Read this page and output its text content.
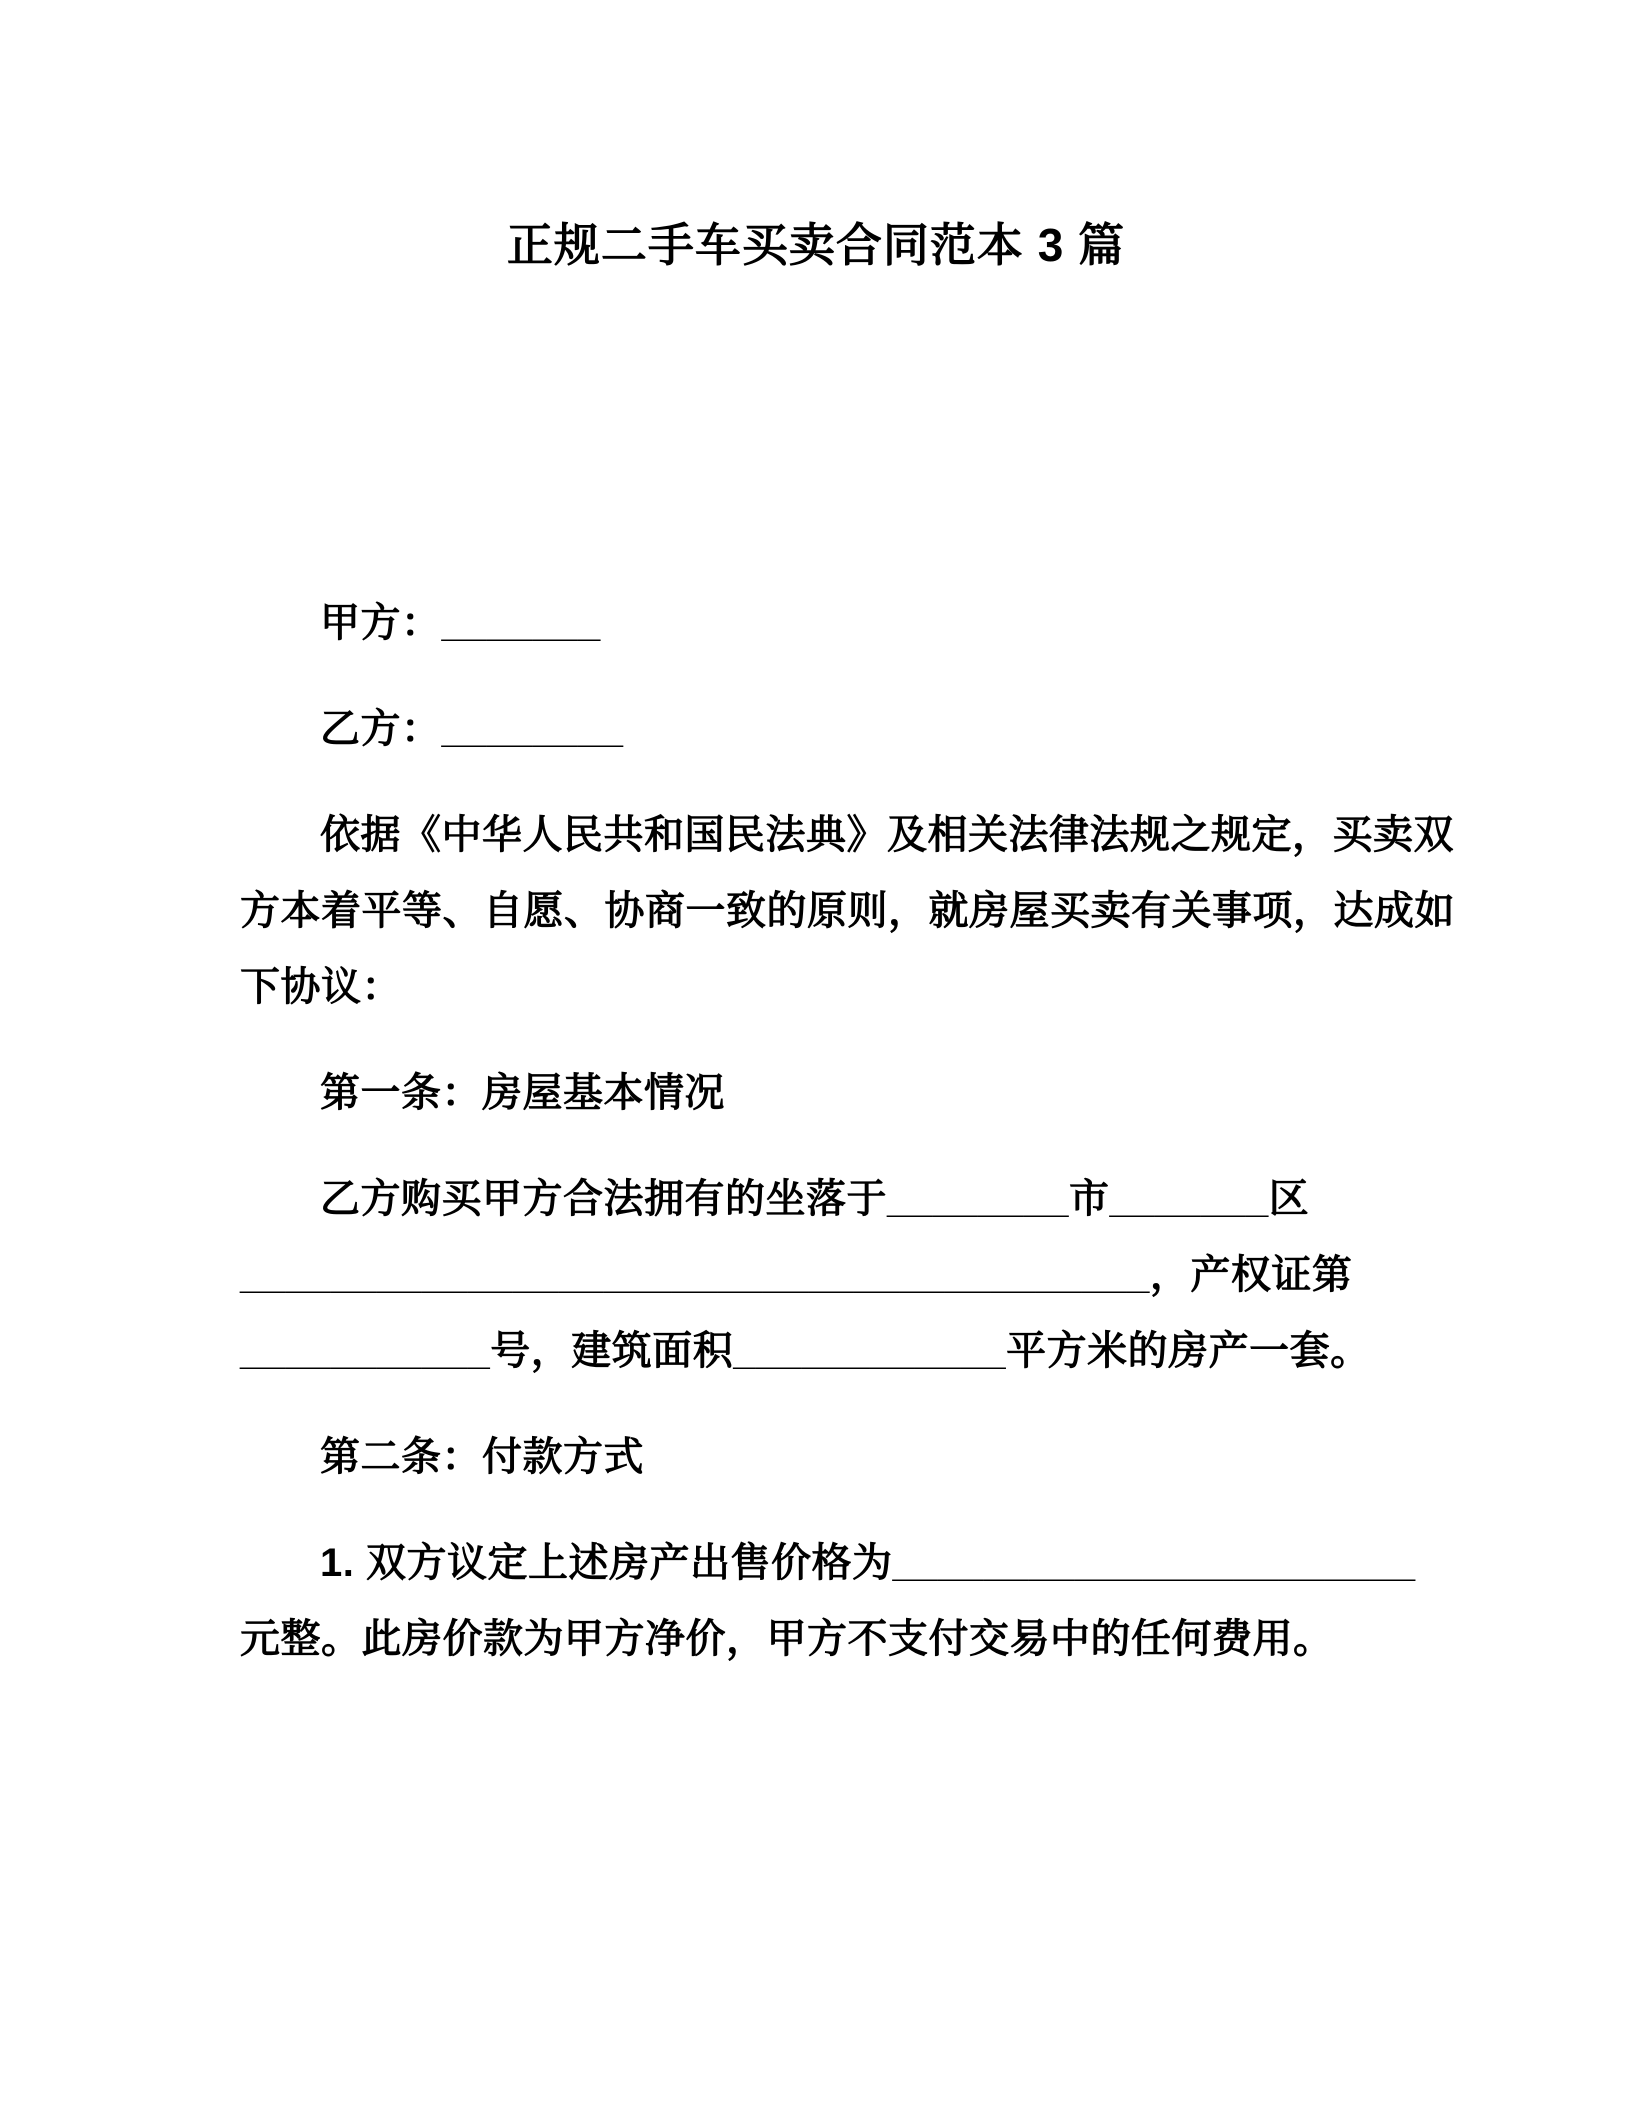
正规二手车买卖合同范本 3 篇
甲方：_______
乙方：________
依据《中华人民共和国民法典》及相关法律法规之规定，买卖双
方本着平等、自愿、协商一致的原则，就房屋买卖有关事项，达成如
下协议：
第一条：房屋基本情况
乙方购买甲方合法拥有的坐落于________市_______区
________________________________________，产权证第
___________号，建筑面积____________平方米的房产一套。
第二条：付款方式
1. 双方议定上述房产出售价格为_______________________
元整。此房价款为甲方净价，甲方不支付交易中的任何费用。
